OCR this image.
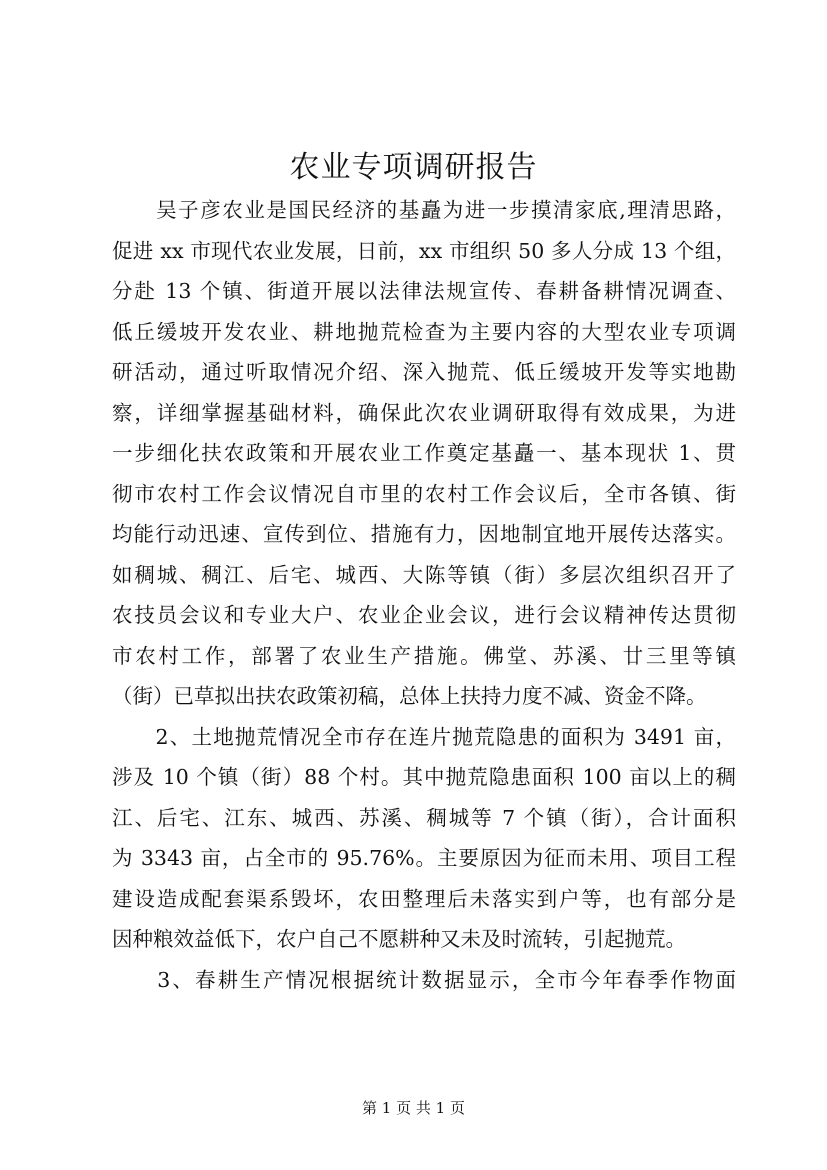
农业专项调研报告
　　吴子彦农业是国民经济的基矗为进一步摸清家底,理清思路，
促进 xx 市现代农业发展，日前，xx 市组织 50 多人分成 13 个组，
分赴 13 个镇、街道开展以法律法规宣传、春耕备耕情况调查、
低丘缓坡开发农业、耕地抛荒检查为主要内容的大型农业专项调
研活动，通过听取情况介绍、深入抛荒、低丘缓坡开发等实地勘
察，详细掌握基础材料，确保此次农业调研取得有效成果，为进
一步细化扶农政策和开展农业工作奠定基矗一、基本现状 1、贯
彻市农村工作会议情况自市里的农村工作会议后，全市各镇、街
均能行动迅速、宣传到位、措施有力，因地制宜地开展传达落实。
如稠城、稠江、后宅、城西、大陈等镇（街）多层次组织召开了
农技员会议和专业大户、农业企业会议，进行会议精神传达贯彻
市农村工作，部署了农业生产措施。佛堂、苏溪、廿三里等镇
（街）已草拟出扶农政策初稿，总体上扶持力度不减、资金不降。
　　2、土地抛荒情况全市存在连片抛荒隐患的面积为 3491 亩，
涉及 10 个镇（街）88 个村。其中抛荒隐患面积 100 亩以上的稠
江、后宅、江东、城西、苏溪、稠城等 7 个镇（街），合计面积
为 3343 亩，占全市的 95.76%。主要原因为征而未用、项目工程
建设造成配套渠系毁坏，农田整理后未落实到户等，也有部分是
因种粮效益低下，农户自己不愿耕种又未及时流转，引起抛荒。
　　3、春耕生产情况根据统计数据显示，全市今年春季作物面
第 1 页 共 1 页
